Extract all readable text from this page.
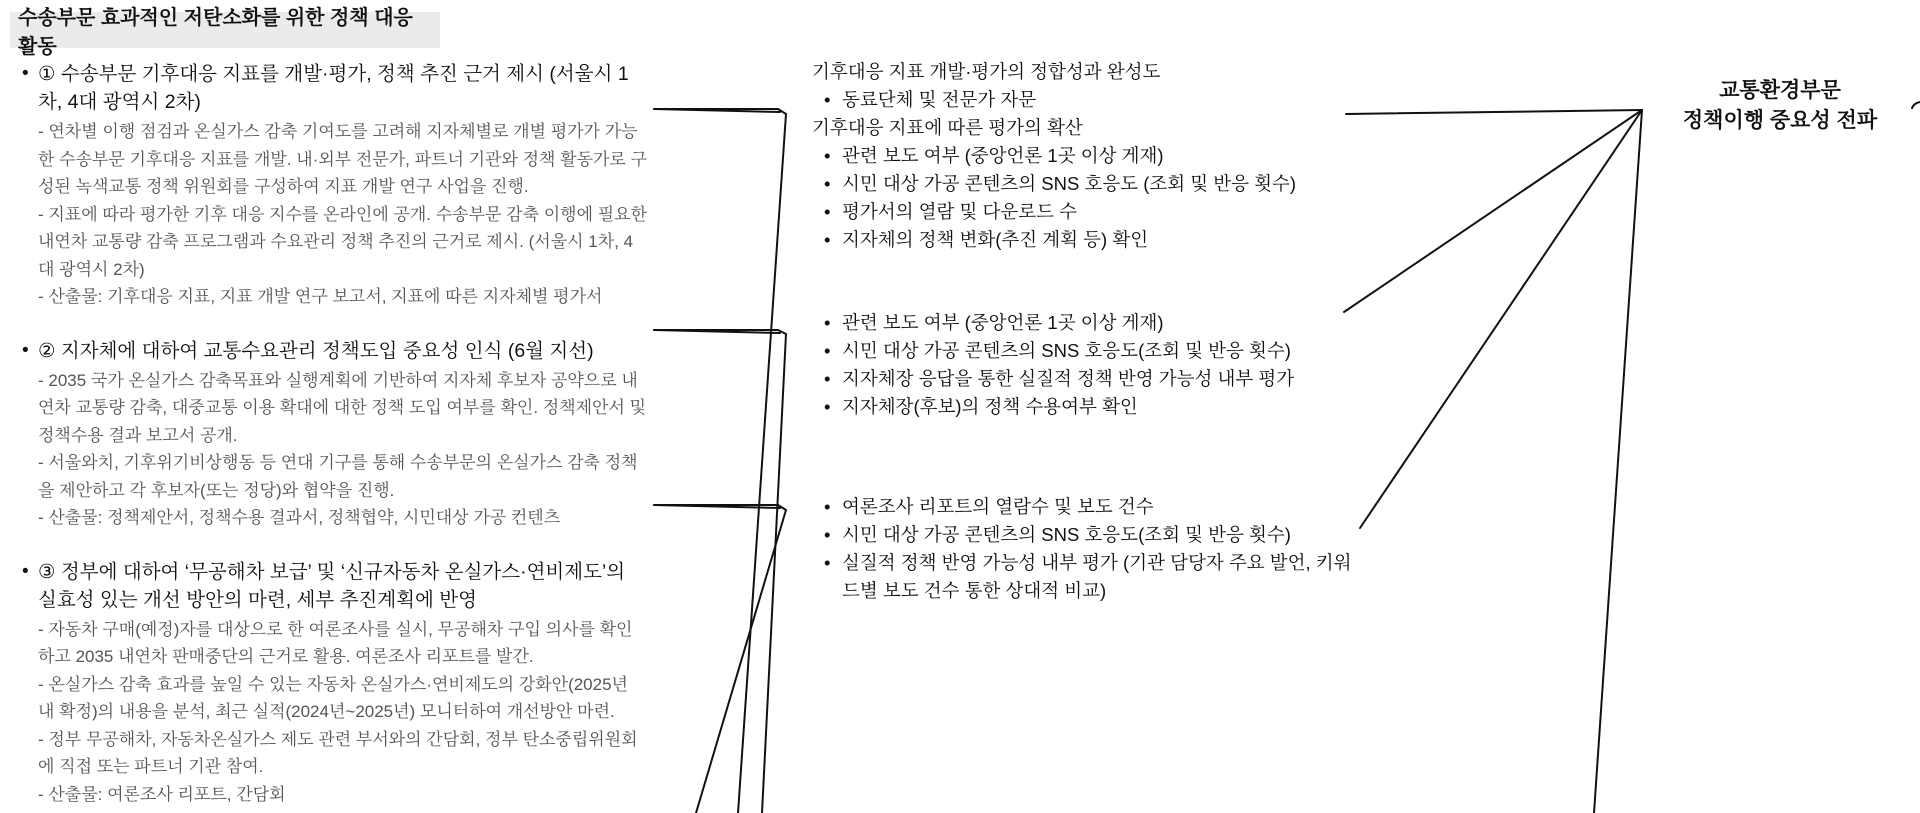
수송부문 효과적인 저탄소화를 위한 정책 대응 활동
• ① 수송부문 기후대응 지표를 개발·평가, 정책 추진 근거 제시 (서울시 1차, 4대 광역시 2차)

- 연차별 이행 점검과 온실가스 감축 기여도를 고려해 지자체별로 개별 평가가 가능한 수송부문 기후대응 지표를 개발. 내·외부 전문가, 파트너 기관와 정책 활동가로 구성된 녹색교통 정책 위원회를 구성하여 지표 개발 연구 사업을 진행.

- 지표에 따라 평가한 기후 대응 지수를 온라인에 공개. 수송부문 감축 이행에 필요한 내연차 교통량 감축 프로그램과 수요관리 정책 추진의 근거로 제시. (서울시 1차, 4대 광역시 2차)

- 산출물: 기후대응 지표, 지표 개발 연구 보고서, 지표에 따른 지자체별 평가서

• ② 지자체에 대하여 교통수요관리 정책도입 중요성 인식 (6월 지선)

- 2035 국가 온실가스 감축목표와 실행계획에 기반하여 지자체 후보자 공약으로 내연차 교통량 감축, 대중교통 이용 확대에 대한 정책 도입 여부를 확인. 정책제안서 및 정책수용 결과 보고서 공개.

- 서울와치, 기후위기비상행동 등 연대 기구를 통해 수송부문의 온실가스 감축 정책을 제안하고 각 후보자(또는 정당)와 협약을 진행.

- 산출물: 정책제안서, 정책수용 결과서, 정책협약, 시민대상 가공 컨텐츠

• ③ 정부에 대하여 ‘무공해차 보급’ 및 ‘신규자동차 온실가스·연비제도’의 실효성 있는 개선 방안의 마련, 세부 추진계획에 반영

- 자동차 구매(예정)자를 대상으로 한 여론조사를 실시, 무공해차 구입 의사를 확인하고 2035 내연차 판매중단의 근거로 활용. 여론조사 리포트를 발간.

- 온실가스 감축 효과를 높일 수 있는 자동차 온실가스·연비제도의 강화안(2025년 내 확정)의 내용을 분석, 최근 실적(2024년~2025년) 모니터하여 개선방안 마련.

- 정부 무공해차, 자동차온실가스 제도 관련 부서와의 간담회, 정부 탄소중립위원회에 직접 또는 파트너 기관 참여.

- 산출물: 여론조사 리포트, 간담회

기후대응 지표 개발·평가의 정합성과 완성도
• 동료단체 및 전문가 자문
기후대응 지표에 따른 평가의 확산
• 관련 보도 여부 (중앙언론 1곳 이상 게재)
• 시민 대상 가공 콘텐츠의 SNS 호응도 (조회 및 반응 횟수)
• 평가서의 열람 및 다운로드 수
• 지자체의 정책 변화(추진 계획 등) 확인
• 관련 보도 여부 (중앙언론 1곳 이상 게재)
• 시민 대상 가공 콘텐츠의 SNS 호응도(조회 및 반응 횟수)
• 지자체장 응답을 통한 실질적 정책 반영 가능성 내부 평가
• 지자체장(후보)의 정책 수용여부 확인
• 여론조사 리포트의 열람수 및 보도 건수
• 시민 대상 가공 콘텐츠의 SNS 호응도(조회 및 반응 횟수)
• 실질적 정책 반영 가능성 내부 평가 (기관 담당자 주요 발언, 키워드별 보도 건수 통한 상대적 비교)
교통환경부문
정책이행 중요성 전파
